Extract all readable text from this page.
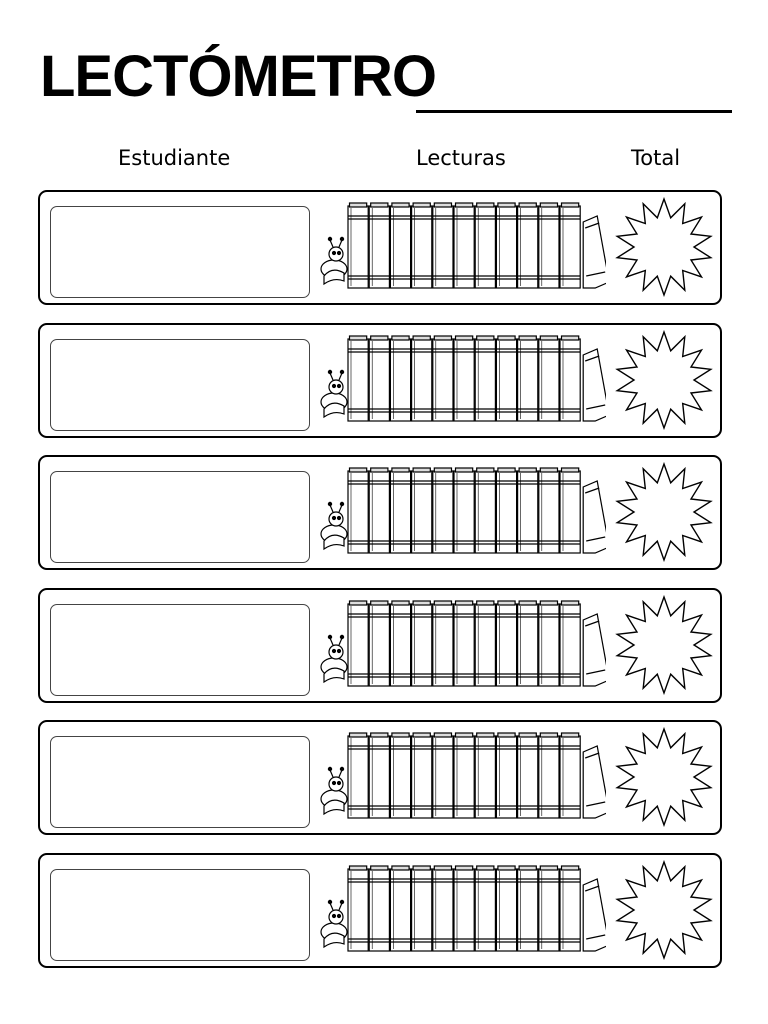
LECTÓMETRO
Estudiante	Lecturas	Total
